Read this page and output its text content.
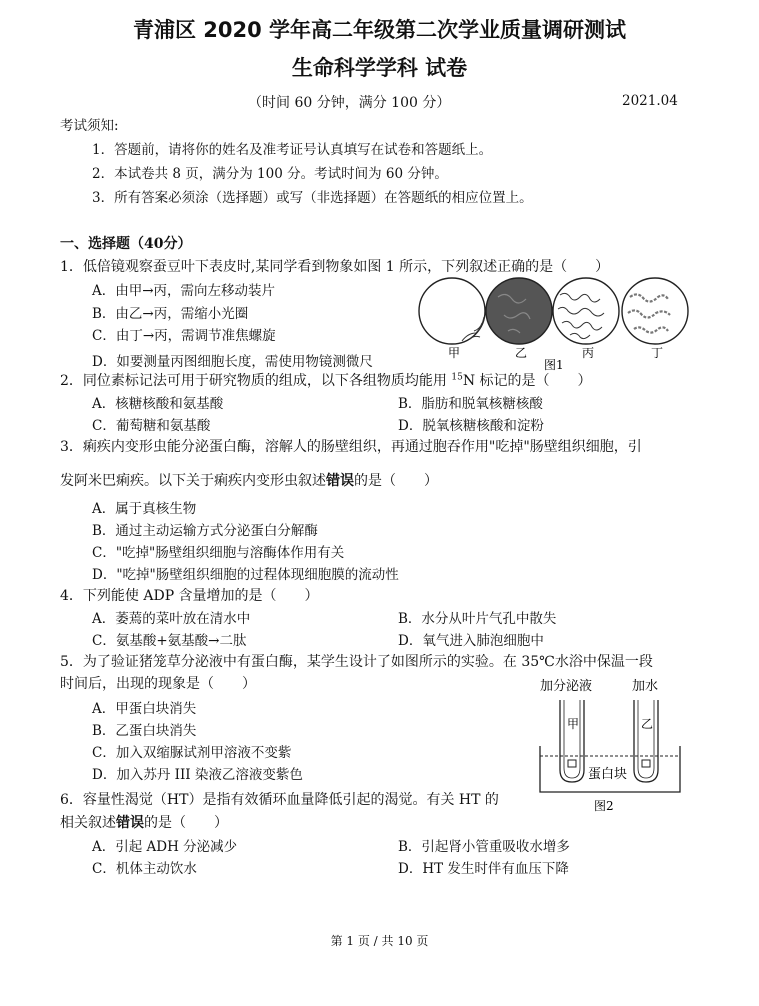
青浦区 2020 学年高二年级第二次学业质量调研测试
生命科学学科 试卷
（时间 60 分钟，满分 100 分）	2021.04
考试须知:
1．答题前，请将你的姓名及准考证号认真填写在试卷和答题纸上。
2．本试卷共 8 页，满分为 100 分。考试时间为 60 分钟。
3．所有答案必须涂（选择题）或写（非选择题）在答题纸的相应位置上。
一、选择题（40分）
1．低倍镜观察蚕豆叶下表皮时,某同学看到物象如图 1 所示，下列叙述正确的是（　　）
A．由甲→丙，需向左移动装片
B．由乙→丙，需缩小光圈
C．由丁→丙，需调节准焦螺旋
D．如要测量丙图细胞长度，需使用物镜测微尺
甲	乙	丙	丁
图1
2．同位素标记法可用于研究物质的组成，以下各组物质均能用 $^{15}$N 标记的是（　　）
A．核糖核酸和氨基酸	B．脂肪和脱氧核糖核酸
C．葡萄糖和氨基酸	D．脱氧核糖核酸和淀粉
3．痢疾内变形虫能分泌蛋白酶，溶解人的肠壁组织，再通过胞吞作用"吃掉"肠壁组织细胞，引
发阿米巴痢疾。以下关于痢疾内变形虫叙述错误的是（　　）
A．属于真核生物
B．通过主动运输方式分泌蛋白分解酶
C．"吃掉"肠壁组织细胞与溶酶体作用有关
D．"吃掉"肠壁组织细胞的过程体现细胞膜的流动性
4．下列能使 ADP 含量增加的是（　　）
A．萎蔫的菜叶放在清水中	B．水分从叶片气孔中散失
C．氨基酸+氨基酸→二肽	D．氧气进入肺泡细胞中
5．为了验证猪笼草分泌液中有蛋白酶，某学生设计了如图所示的实验。在 35℃水浴中保温一段
时间后，出现的现象是（　　）
A．甲蛋白块消失
B．乙蛋白块消失
C．加入双缩脲试剂甲溶液不变紫
D．加入苏丹 III 染液乙溶液变紫色
加分泌液	加水
甲	乙
蛋白块
图2
6．容量性渴觉（HT）是指有效循环血量降低引起的渴觉。有关 HT 的
相关叙述错误的是（　　）
A．引起 ADH 分泌减少	B．引起肾小管重吸收水增多
C．机体主动饮水	D．HT 发生时伴有血压下降
第 1 页 / 共 10 页
